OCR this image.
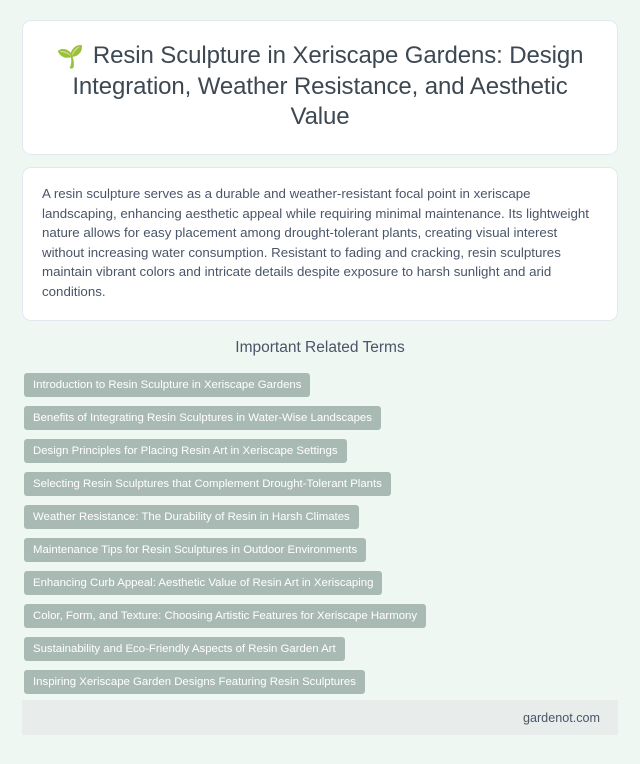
🌱 Resin Sculpture in Xeriscape Gardens: Design Integration, Weather Resistance, and Aesthetic Value

A resin sculpture serves as a durable and weather-resistant focal point in xeriscape landscaping, enhancing aesthetic appeal while requiring minimal maintenance. Its lightweight nature allows for easy placement among drought-tolerant plants, creating visual interest without increasing water consumption. Resistant to fading and cracking, resin sculptures maintain vibrant colors and intricate details despite exposure to harsh sunlight and arid conditions.

Important Related Terms
Introduction to Resin Sculpture in Xeriscape Gardens
Benefits of Integrating Resin Sculptures in Water-Wise Landscapes
Design Principles for Placing Resin Art in Xeriscape Settings
Selecting Resin Sculptures that Complement Drought-Tolerant Plants
Weather Resistance: The Durability of Resin in Harsh Climates
Maintenance Tips for Resin Sculptures in Outdoor Environments
Enhancing Curb Appeal: Aesthetic Value of Resin Art in Xeriscaping
Color, Form, and Texture: Choosing Artistic Features for Xeriscape Harmony
Sustainability and Eco-Friendly Aspects of Resin Garden Art
Inspiring Xeriscape Garden Designs Featuring Resin Sculptures
gardenot.com
